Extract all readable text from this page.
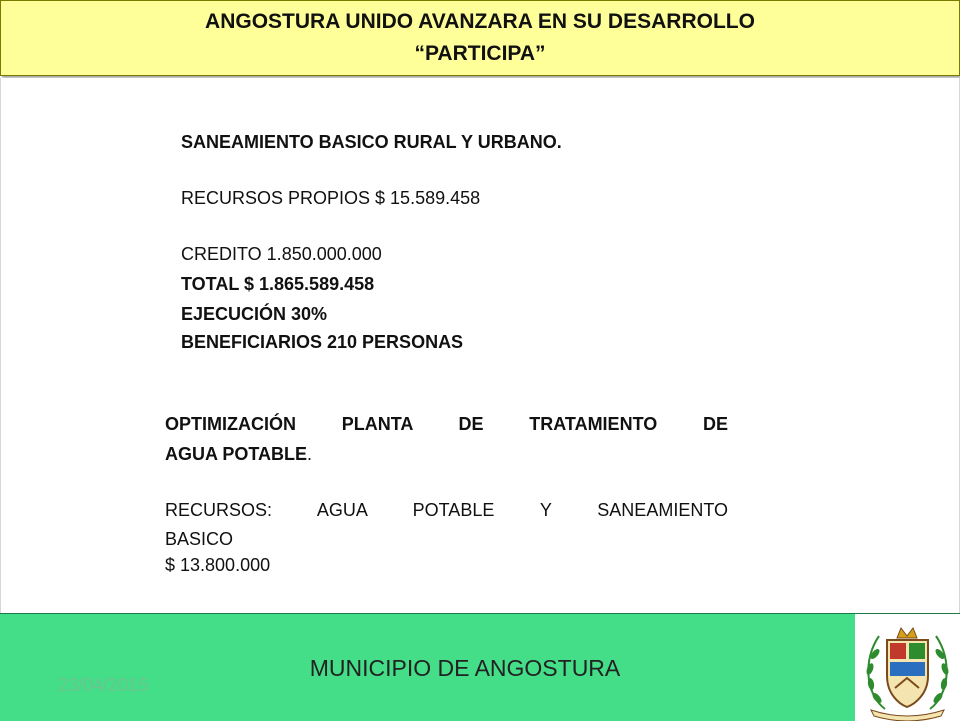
ANGOSTURA UNIDO AVANZARA EN SU DESARROLLO
“PARTICIPA”
SANEAMIENTO BASICO RURAL Y URBANO.
RECURSOS PROPIOS $ 15.589.458
CREDITO 1.850.000.000
TOTAL $ 1.865.589.458
EJECUCIÓN 30%
BENEFICIARIOS 210 PERSONAS
OPTIMIZACIÓN PLANTA DE TRATAMIENTO DE
AGUA POTABLE.
RECURSOS: AGUA POTABLE Y SANEAMIENTO
BASICO
$ 13.800.000
MUNICIPIO DE ANGOSTURA
23/04/2015
